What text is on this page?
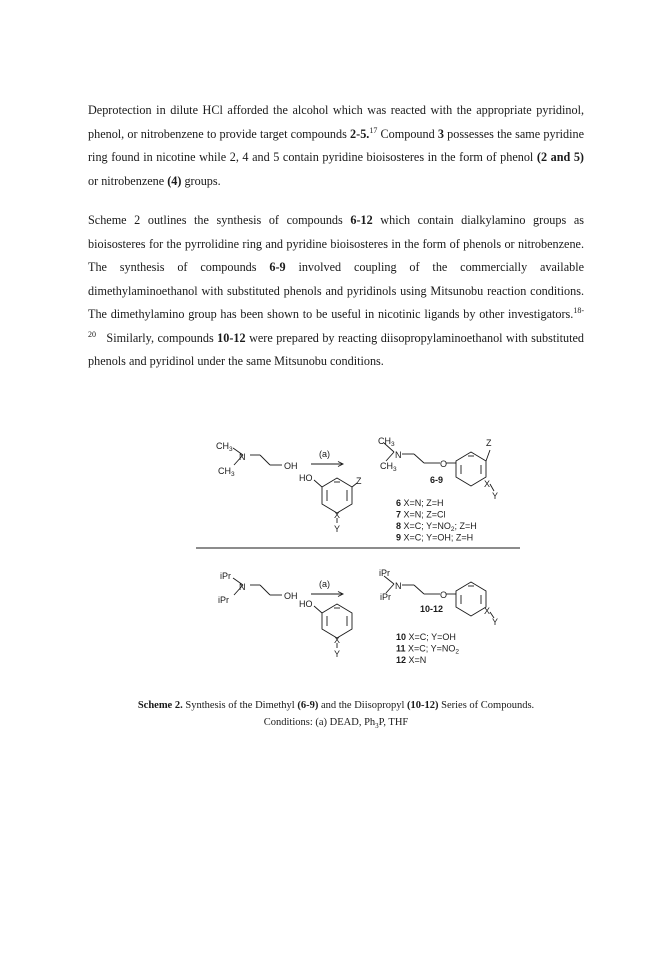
Deprotection in dilute HCl afforded the alcohol which was reacted with the appropriate pyridinol, phenol, or nitrobenzene to provide target compounds 2-5.17 Compound 3 possesses the same pyridine ring found in nicotine while 2, 4 and 5 contain pyridine bioisosteres in the form of phenol (2 and 5) or nitrobenzene (4) groups.
Scheme 2 outlines the synthesis of compounds 6-12 which contain dialkylamino groups as bioisosteres for the pyrrolidine ring and pyridine bioisosteres in the form of phenols or nitrobenzene. The synthesis of compounds 6-9 involved coupling of the commercially available dimethylaminoethanol with substituted phenols and pyridinols using Mitsunobu reaction conditions. The dimethylamino group has been shown to be useful in nicotinic ligands by other investigators.$^{18-20}$   Similarly, compounds 10-12 were prepared by reacting diisopropylaminoethanol with substituted phenols and pyridinol under the same Mitsunobu conditions.
$CH_3$
N
$CH_3$
OH
(a)
HO	Z
X
Y
$CH_3$
N
$CH_3$
O
Z
X
Y
6-9
6 X=N; Z=H
7 X=N; Z=Cl
8 X=C; $Y=NO_2$; Z=H
9 X=C; Y=OH; Z=H
iPr
N
iPr	OH
(a)
HO
X
Y
iPr
N
iPr	O
X
Y
10-12
10 X=C; Y=OH
11 X=C; $Y=NO_2$
12 X=N
Scheme 2. Synthesis of the Dimethyl (6-9) and the Diisopropyl (10-12) Series of Compounds.
Conditions: (a) DEAD, $Ph_3P$, THF
